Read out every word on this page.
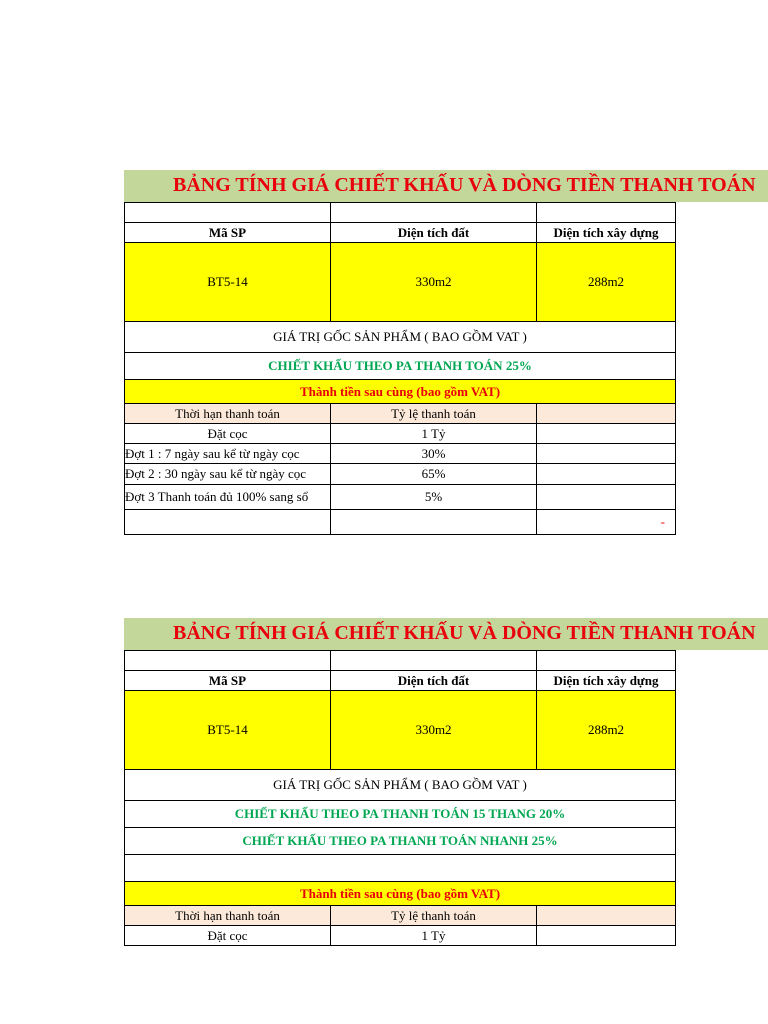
BẢNG TÍNH GIÁ CHIẾT KHẤU VÀ DÒNG TIỀN THANH TOÁN

Mã SP	Diện tích đất	Diện tích xây dựng
BT5-14	330m2	288m2
GIÁ TRỊ GỐC SẢN PHẨM ( BAO GỒM VAT )		
CHIẾT KHẤU THEO PA THANH TOÁN 25%		
Thành tiền sau cùng (bao gồm VAT)		
Thời hạn thanh toán	Tỷ lệ thanh toán	
Đặt cọc	1 Tỷ	
Đợt 1 : 7 ngày sau kể từ ngày cọc	30%	
Đợt 2 : 30 ngày sau kể từ ngày cọc	65%	
Đợt 3 Thanh toán đủ 100% sang sổ	5%	
		-
BẢNG TÍNH GIÁ CHIẾT KHẤU VÀ DÒNG TIỀN THANH TOÁN

Mã SP	Diện tích đất	Diện tích xây dựng
BT5-14	330m2	288m2
GIÁ TRỊ GỐC SẢN PHẨM ( BAO GỒM VAT )		
CHIẾT KHẤU THEO PA THANH TOÁN 15 THANG 20%		
CHIẾT KHẤU THEO PA THANH TOÁN NHANH 25%		

Thành tiền sau cùng (bao gồm VAT)		
Thời hạn thanh toán	Tỷ lệ thanh toán	
Đặt cọc	1 Tỷ	
